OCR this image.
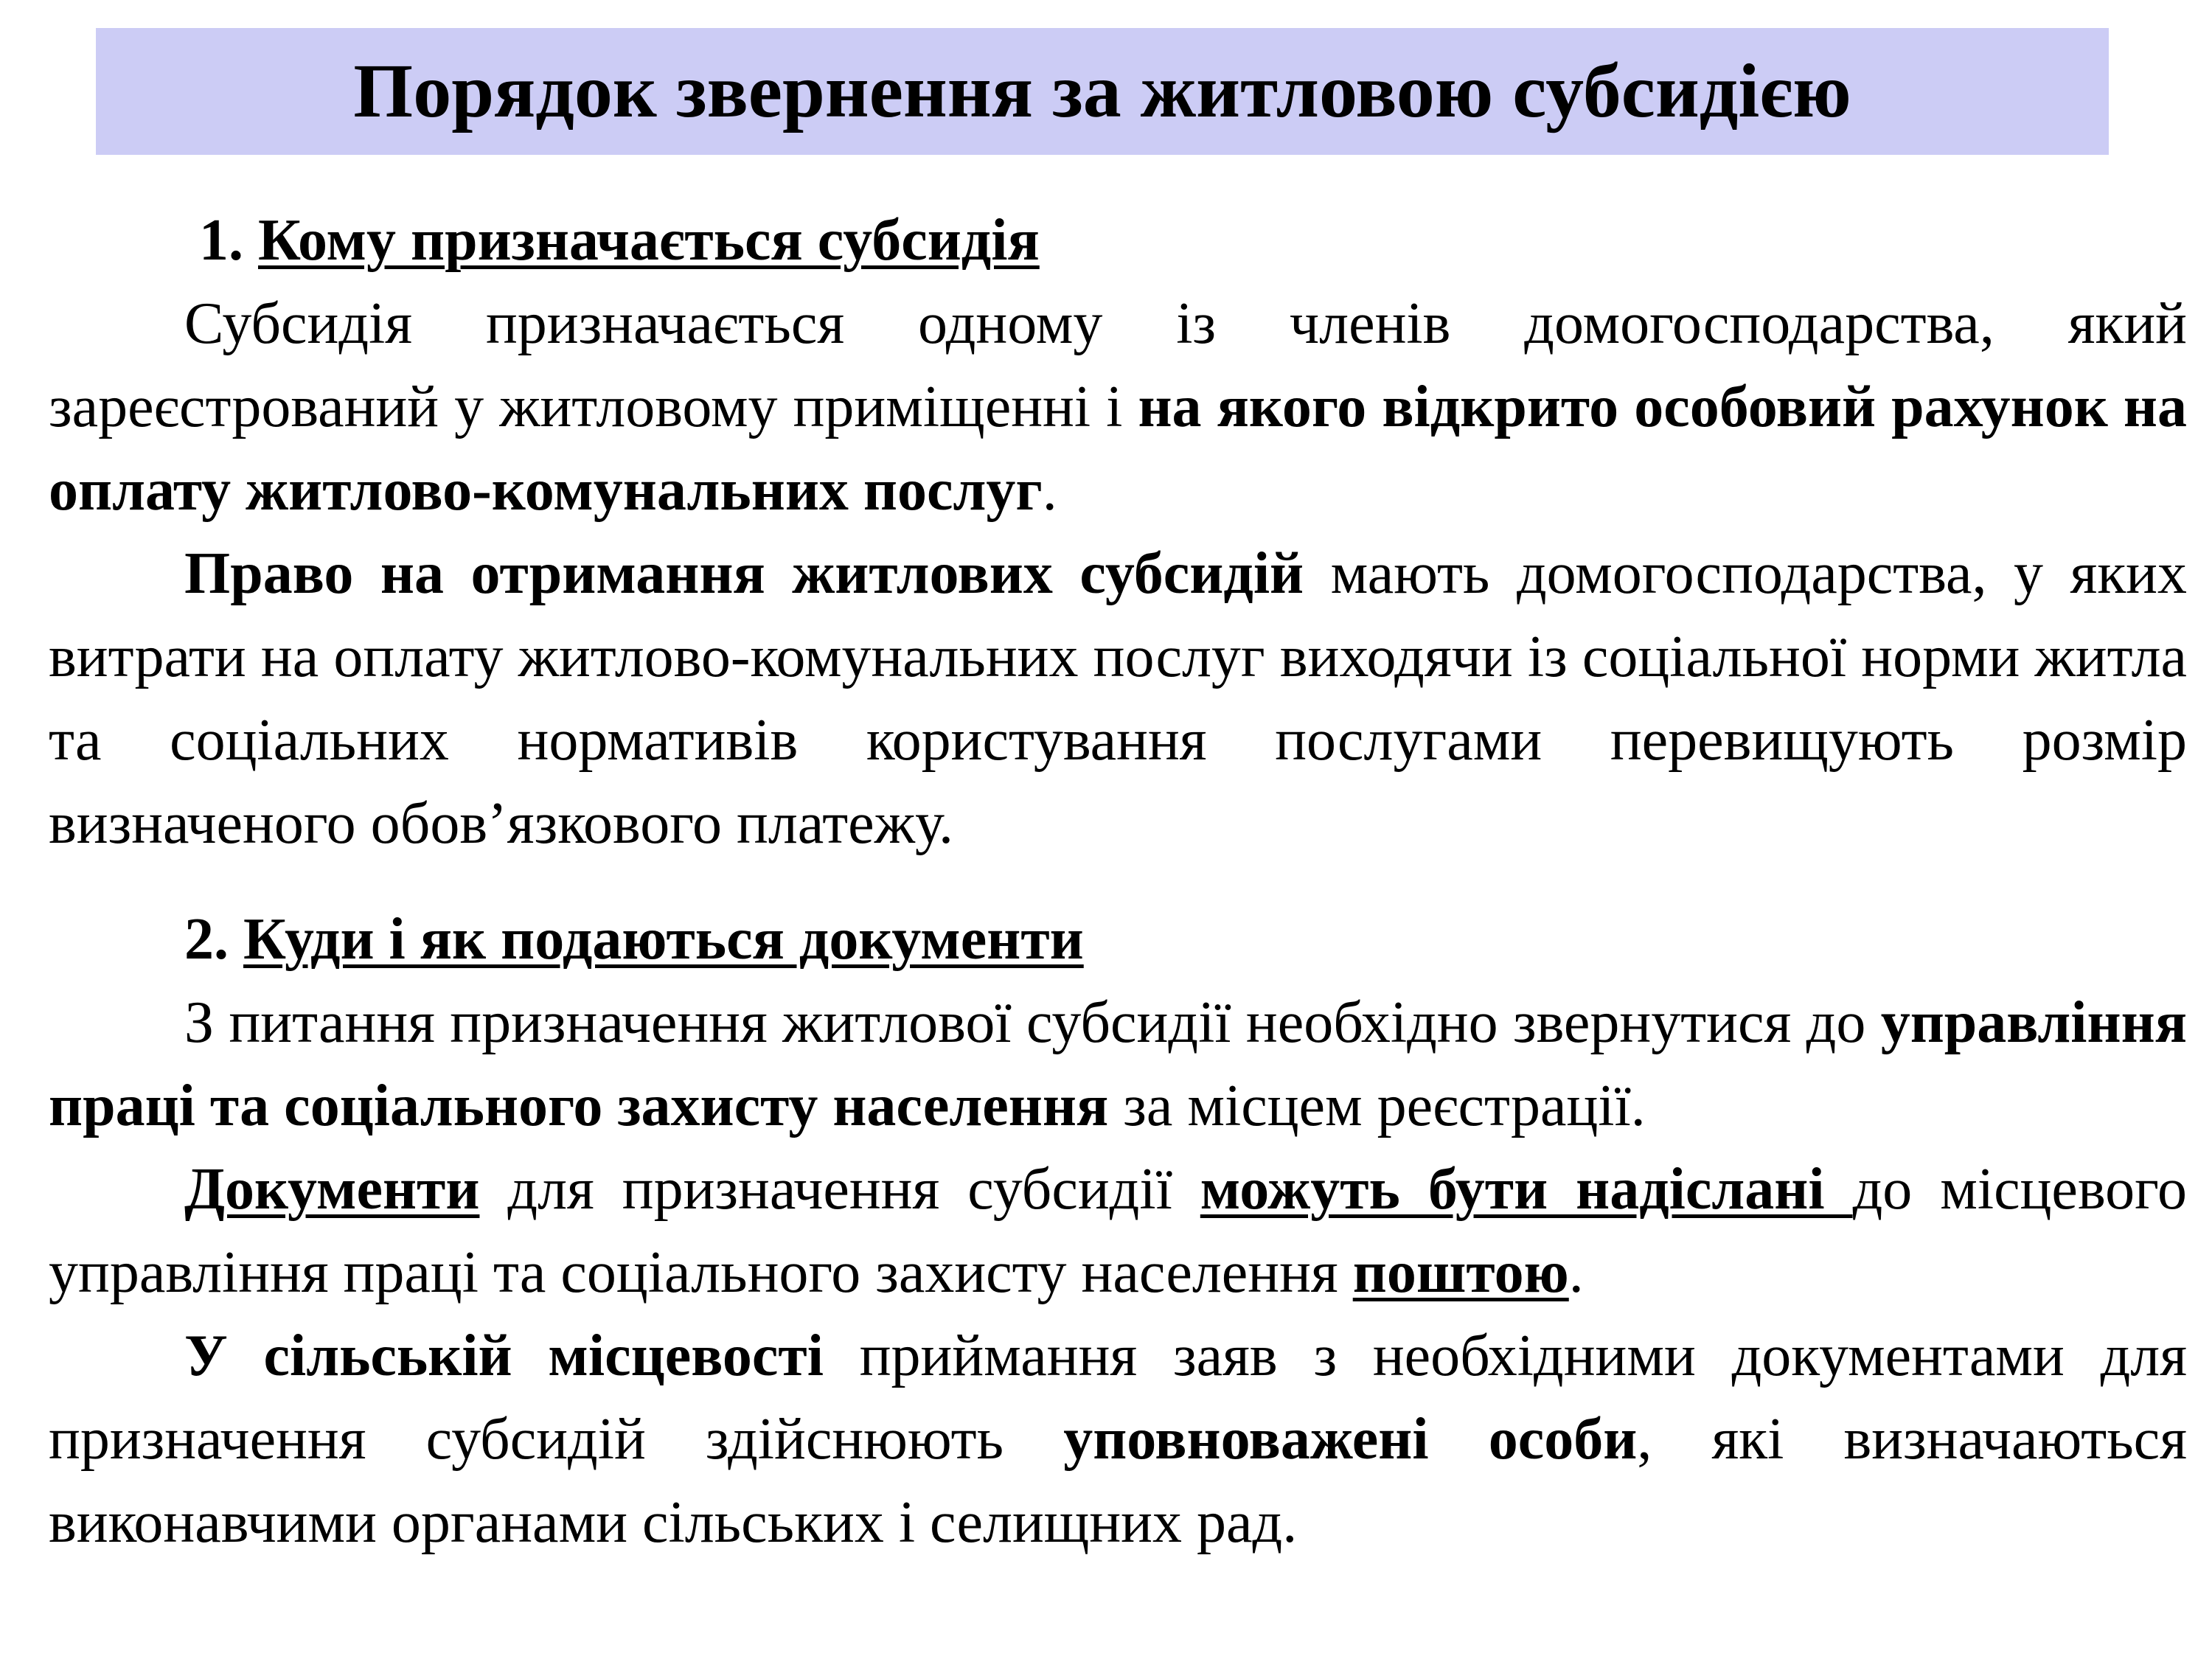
Порядок звернення за житловою субсидією

1. Кому призначається субсидія

Субсидія призначається одному із членів домогосподарства, який зареєстрований у житловому приміщенні і на якого відкрито особовий рахунок на оплату житлово-комунальних послуг.

Право на отримання житлових субсидій мають домогосподарства, у яких витрати на оплату житлово-комунальних послуг виходячи із соціальної норми житла та соціальних нормативів користування послугами перевищують розмір визначеного обов’язкового платежу.

2. Куди і як подаються документи

З питання призначення житлової субсидії необхідно звернутися до управління праці та соціального захисту населення за місцем реєстрації.

Документи для призначення субсидії можуть бути надіслані до місцевого управління праці та соціального захисту населення поштою.

У сільській місцевості приймання заяв з необхідними документами для призначення субсидій здійснюють уповноважені особи, які визначаються виконавчими органами сільських і селищних рад.
